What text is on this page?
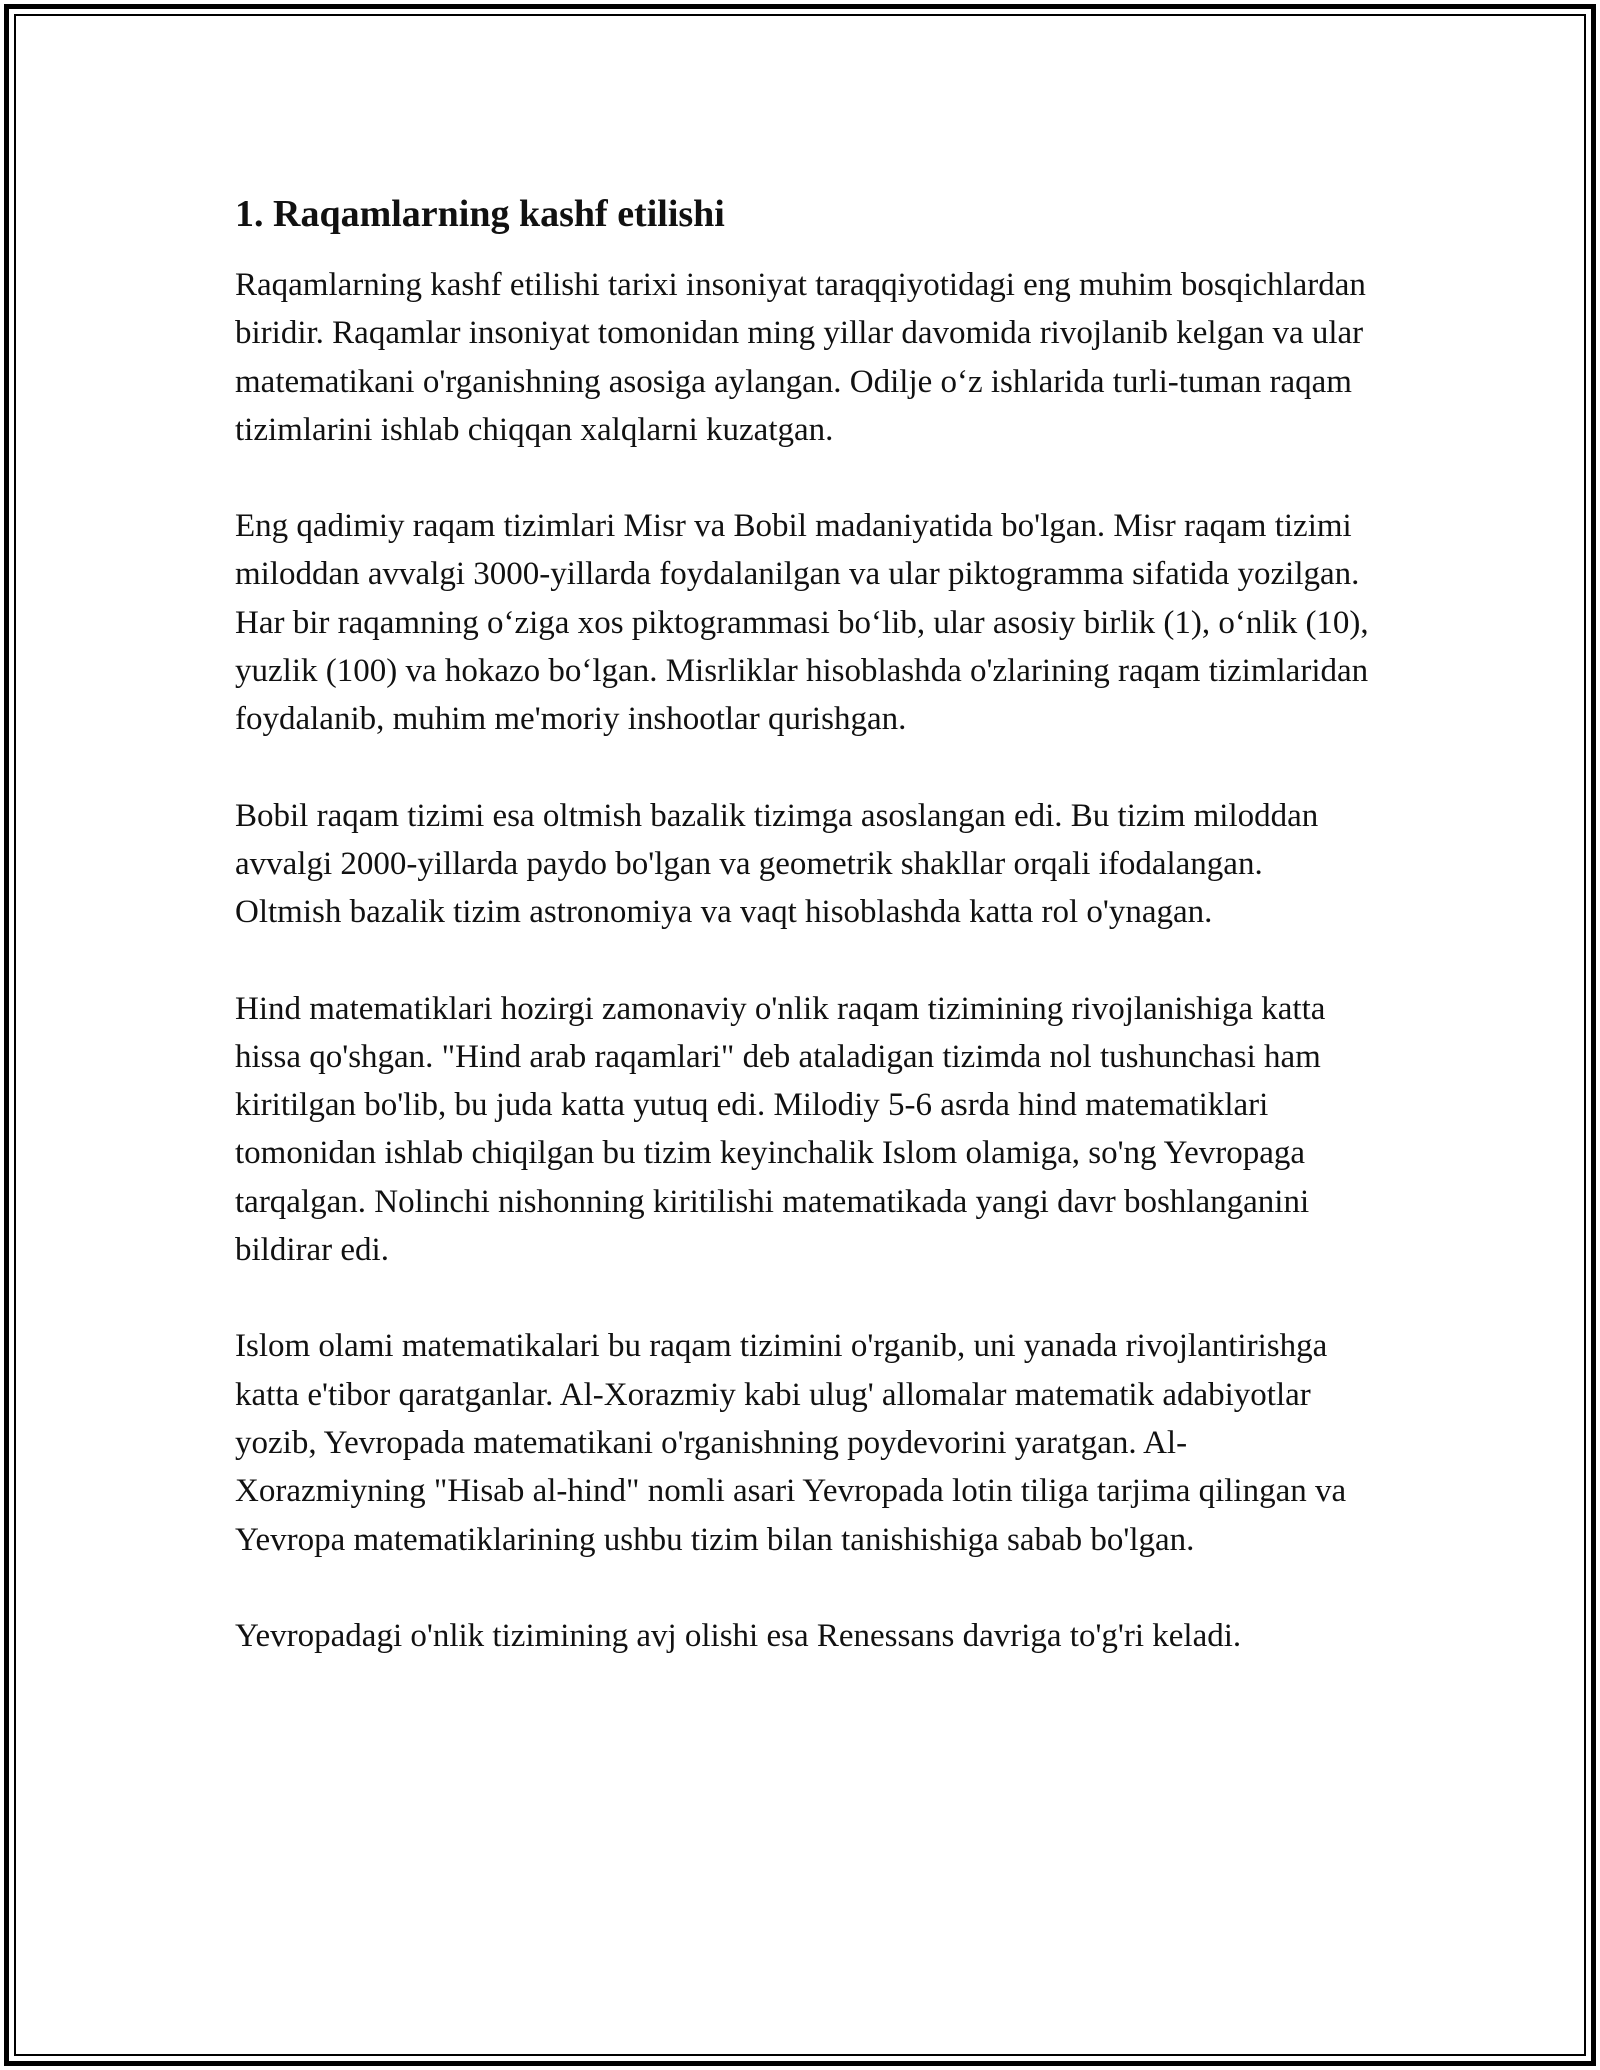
1. Raqamlarning kashf etilishi

Raqamlarning kashf etilishi tarixi insoniyat taraqqiyotidagi eng muhim bosqichlardan biridir. Raqamlar insoniyat tomonidan ming yillar davomida rivojlanib kelgan va ular matematikani o'rganishning asosiga aylangan. Odilje o‘z ishlarida turli-tuman raqam tizimlarini ishlab chiqqan xalqlarni kuzatgan.

Eng qadimiy raqam tizimlari Misr va Bobil madaniyatida bo'lgan. Misr raqam tizimi miloddan avvalgi 3000-yillarda foydalanilgan va ular piktogramma sifatida yozilgan. Har bir raqamning o‘ziga xos piktogrammasi bo‘lib, ular asosiy birlik (1), o‘nlik (10), yuzlik (100) va hokazo bo‘lgan. Misrliklar hisoblashda o'zlarining raqam tizimlaridan foydalanib, muhim me'moriy inshootlar qurishgan.

Bobil raqam tizimi esa oltmish bazalik tizimga asoslangan edi. Bu tizim miloddan avvalgi 2000-yillarda paydo bo'lgan va geometrik shakllar orqali ifodalangan. Oltmish bazalik tizim astronomiya va vaqt hisoblashda katta rol o'ynagan.

Hind matematiklari hozirgi zamonaviy o'nlik raqam tizimining rivojlanishiga katta hissa qo'shgan. "Hind arab raqamlari" deb ataladigan tizimda nol tushunchasi ham kiritilgan bo'lib, bu juda katta yutuq edi. Milodiy 5-6 asrda hind matematiklari tomonidan ishlab chiqilgan bu tizim keyinchalik Islom olamiga, so'ng Yevropaga tarqalgan. Nolinchi nishonning kiritilishi matematikada yangi davr boshlanganini bildirar edi.

Islom olami matematikalari bu raqam tizimini o'rganib, uni yanada rivojlantirishga katta e'tibor qaratganlar. Al-Xorazmiy kabi ulug' allomalar matematik adabiyotlar yozib, Yevropada matematikani o'rganishning poydevorini yaratgan. Al-Xorazmiyning "Hisab al-hind" nomli asari Yevropada lotin tiliga tarjima qilingan va Yevropa matematiklarining ushbu tizim bilan tanishishiga sabab bo'lgan.

Yevropadagi o'nlik tizimining avj olishi esa Renessans davriga to'g'ri keladi.
